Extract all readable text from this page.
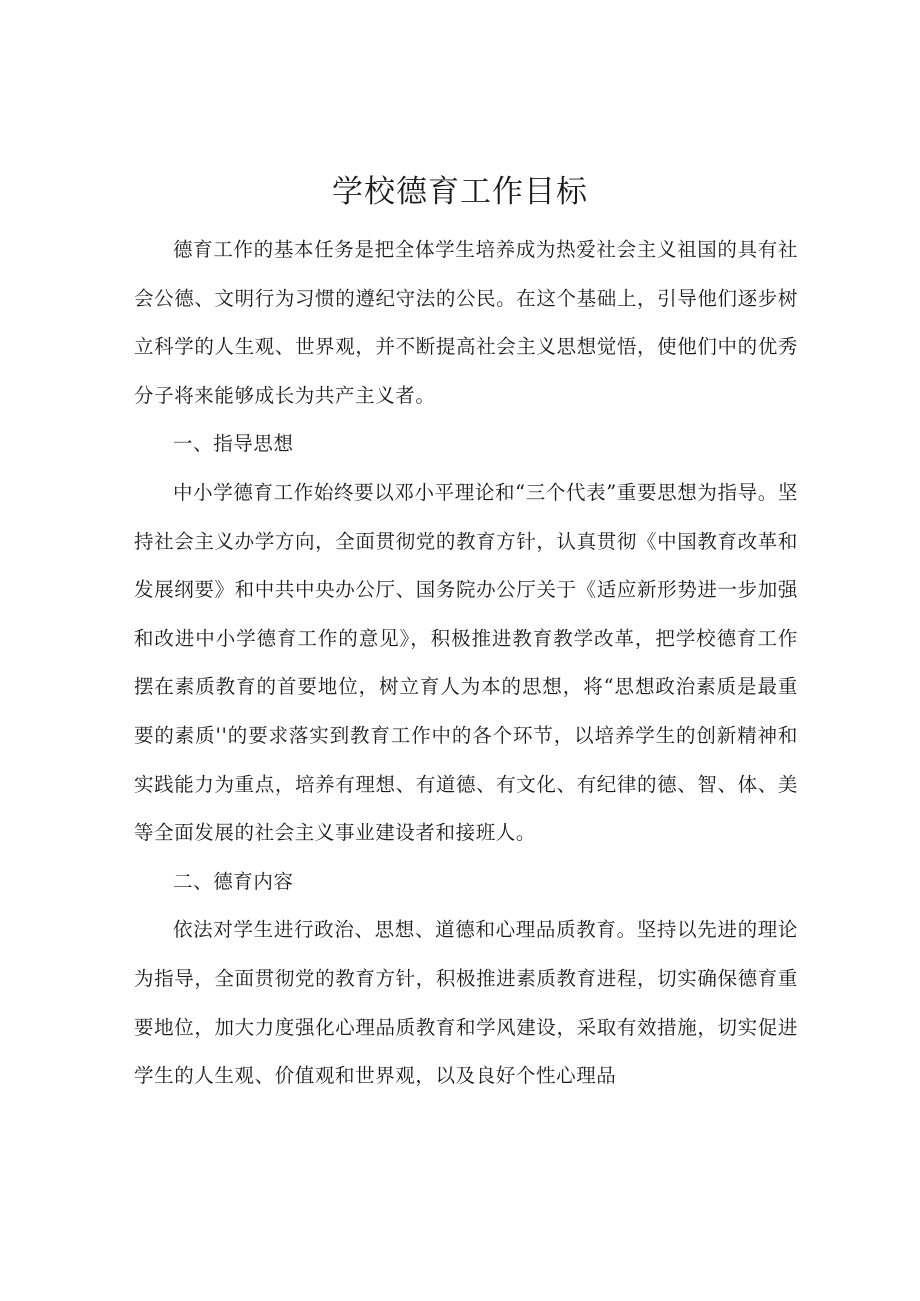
学校德育工作目标

德育工作的基本任务是把全体学生培养成为热爱社会主义祖国的具有社会公德、文明行为习惯的遵纪守法的公民。在这个基础上，引导他们逐步树立科学的人生观、世界观，并不断提高社会主义思想觉悟，使他们中的优秀分子将来能够成长为共产主义者。

一、指导思想

中小学德育工作始终要以邓小平理论和“三个代表”重要思想为指导。坚持社会主义办学方向，全面贯彻党的教育方针，认真贯彻《中国教育改革和发展纲要》和中共中央办公厅、国务院办公厅关于《适应新形势进一步加强和改进中小学德育工作的意见》，积极推进教育教学改革，把学校德育工作摆在素质教育的首要地位，树立育人为本的思想，将“思想政治素质是最重要的素质''的要求落实到教育工作中的各个环节，以培养学生的创新精神和实践能力为重点，培养有理想、有道德、有文化、有纪律的德、智、体、美等全面发展的社会主义事业建设者和接班人。

二、德育内容

依法对学生进行政治、思想、道德和心理品质教育。坚持以先进的理论为指导，全面贯彻党的教育方针，积极推进素质教育进程，切实确保德育重要地位，加大力度强化心理品质教育和学风建设，采取有效措施，切实促进学生的人生观、价值观和世界观，以及良好个性心理品
